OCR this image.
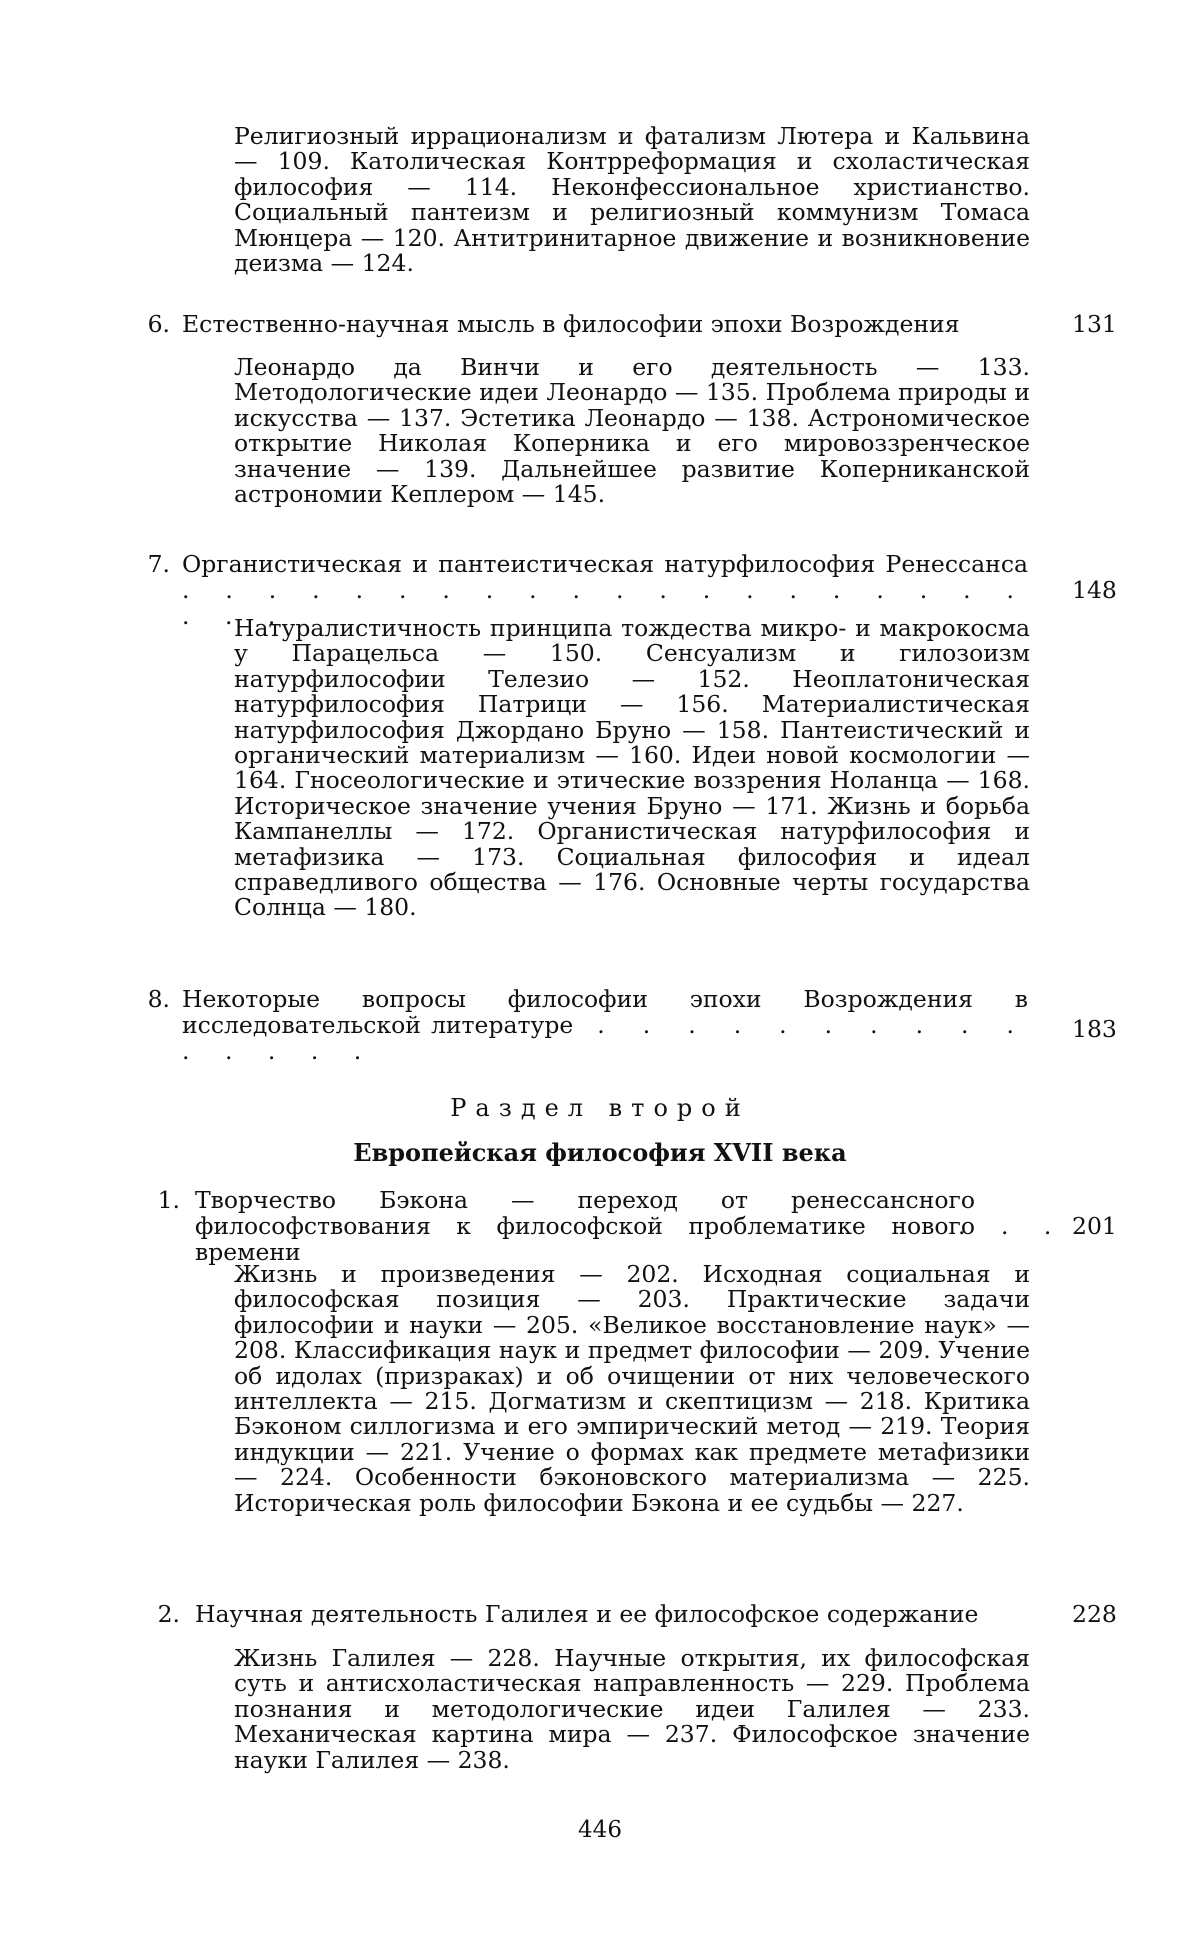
Религиозный иррационализм и фатализм Лютера и Кальвина — 109. Католическая Контрреформация и схоластическая философия — 114. Неконфессиональное христианство. Социальный пантеизм и религиозный коммунизм Томаса Мюнцера — 120. Антитринитарное движение и возникновение деизма — 124.
6. Естественно-научная мысль в философии эпохи Возрождения	131
Леонардо да Винчи и его деятельность — 133. Методологические идеи Леонардо — 135. Проблема природы и искусства — 137. Эстетика Леонардо — 138. Астрономическое открытие Николая Коперника и его мировоззренческое значение — 139. Дальнейшее развитие Коперниканской астрономии Кеплером — 145.
7. Органистическая и пантеистическая натурфилософия Ренессанса . . . . . . . . . . . . . . . . . . . . . . .
148
Натуралистичность принципа тождества микро- и макрокосма у Парацельса — 150. Сенсуализм и гилозоизм натурфилософии Телезио — 152. Неоплатоническая натурфилософия Патрици — 156. Материалистическая натурфилософия Джордано Бруно — 158. Пантеистический и органический материализм — 160. Идеи новой космологии — 164. Гносеологические и этические воззрения Ноланца — 168. Историческое значение учения Бруно — 171. Жизнь и борьба Кампанеллы — 172. Органистическая натурфилософия и метафизика — 173. Социальная философия и идеал справедливого общества — 176. Основные черты государства Солнца — 180.
8. Некоторые вопросы философии эпохи Возрождения в исследовательской литературе . . . . . . . . . . . . . . .
183
Раздел второй
Европейская философия XVII века
1. Творчество Бэкона — переход от ренессансного философствования к философской проблематике нового времени
. . . 201
Жизнь и произведения — 202. Исходная социальная и философская позиция — 203. Практические задачи философии и науки — 205. «Великое восстановление наук» — 208. Классификация наук и предмет философии — 209. Учение об идолах (призраках) и об очищении от них человеческого интеллекта — 215. Догматизм и скептицизм — 218. Критика Бэконом силлогизма и его эмпирический метод — 219. Теория индукции — 221. Учение о формах как предмете метафизики — 224. Особенности бэконовского материализма — 225. Историческая роль философии Бэкона и ее судьбы — 227.
2. Научная деятельность Галилея и ее философское содержание	228
Жизнь Галилея — 228. Научные открытия, их философская суть и антисхоластическая направленность — 229. Проблема познания и методологические идеи Галилея — 233. Механическая картина мира — 237. Философское значение науки Галилея — 238.
446
